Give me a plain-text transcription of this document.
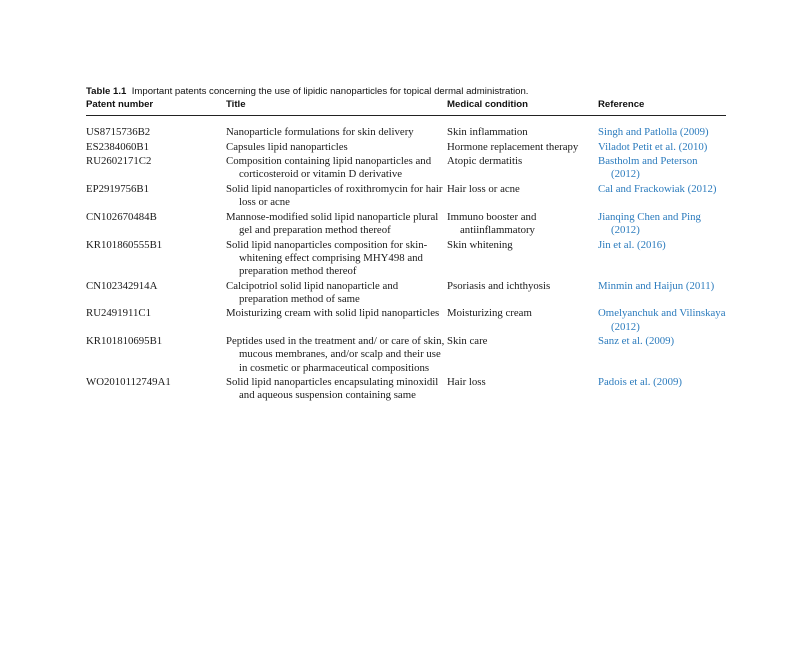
Table 1.1 Important patents concerning the use of lipidic nanoparticles for topical dermal administration.
Patent number	Title	Medical condition	Reference

US8715736B2	Nanoparticle formulations for skin delivery	Skin inflammation	Singh and Patlolla (2009)

ES2384060B1	Capsules lipid nanoparticles	Hormone replacement therapy	Viladot Petit et al. (2010)

RU2602171C2	Composition containing lipid nanoparticles and corticosteroid or vitamin D derivative	Atopic dermatitis	Bastholm and Peterson (2012)

EP2919756B1	Solid lipid nanoparticles of roxithromycin for hair loss or acne	Hair loss or acne	Cal and Frackowiak (2012)

CN102670484B	Mannose-modified solid lipid nanoparticle plural gel and preparation method thereof	Immuno booster and antiinflammatory	Jianqing Chen and Ping (2012)

KR101860555B1	Solid lipid nanoparticles composition for skin-whitening effect comprising MHY498 and preparation method thereof	Skin whitening	Jin et al. (2016)

CN102342914A	Calcipotriol solid lipid nanoparticle and preparation method of same	Psoriasis and ichthyosis	Minmin and Haijun (2011)

RU2491911C1	Moisturizing cream with solid lipid nanoparticles	Moisturizing cream	Omelyanchuk and Vilinskaya (2012)

KR101810695B1	Peptides used in the treatment and/ or care of skin, mucous membranes, and/or scalp and their use in cosmetic or pharmaceutical compositions	Skin care	Sanz et al. (2009)

WO2010112749A1	Solid lipid nanoparticles encapsulating minoxidil and aqueous suspension containing same	Hair loss	Padois et al. (2009)
